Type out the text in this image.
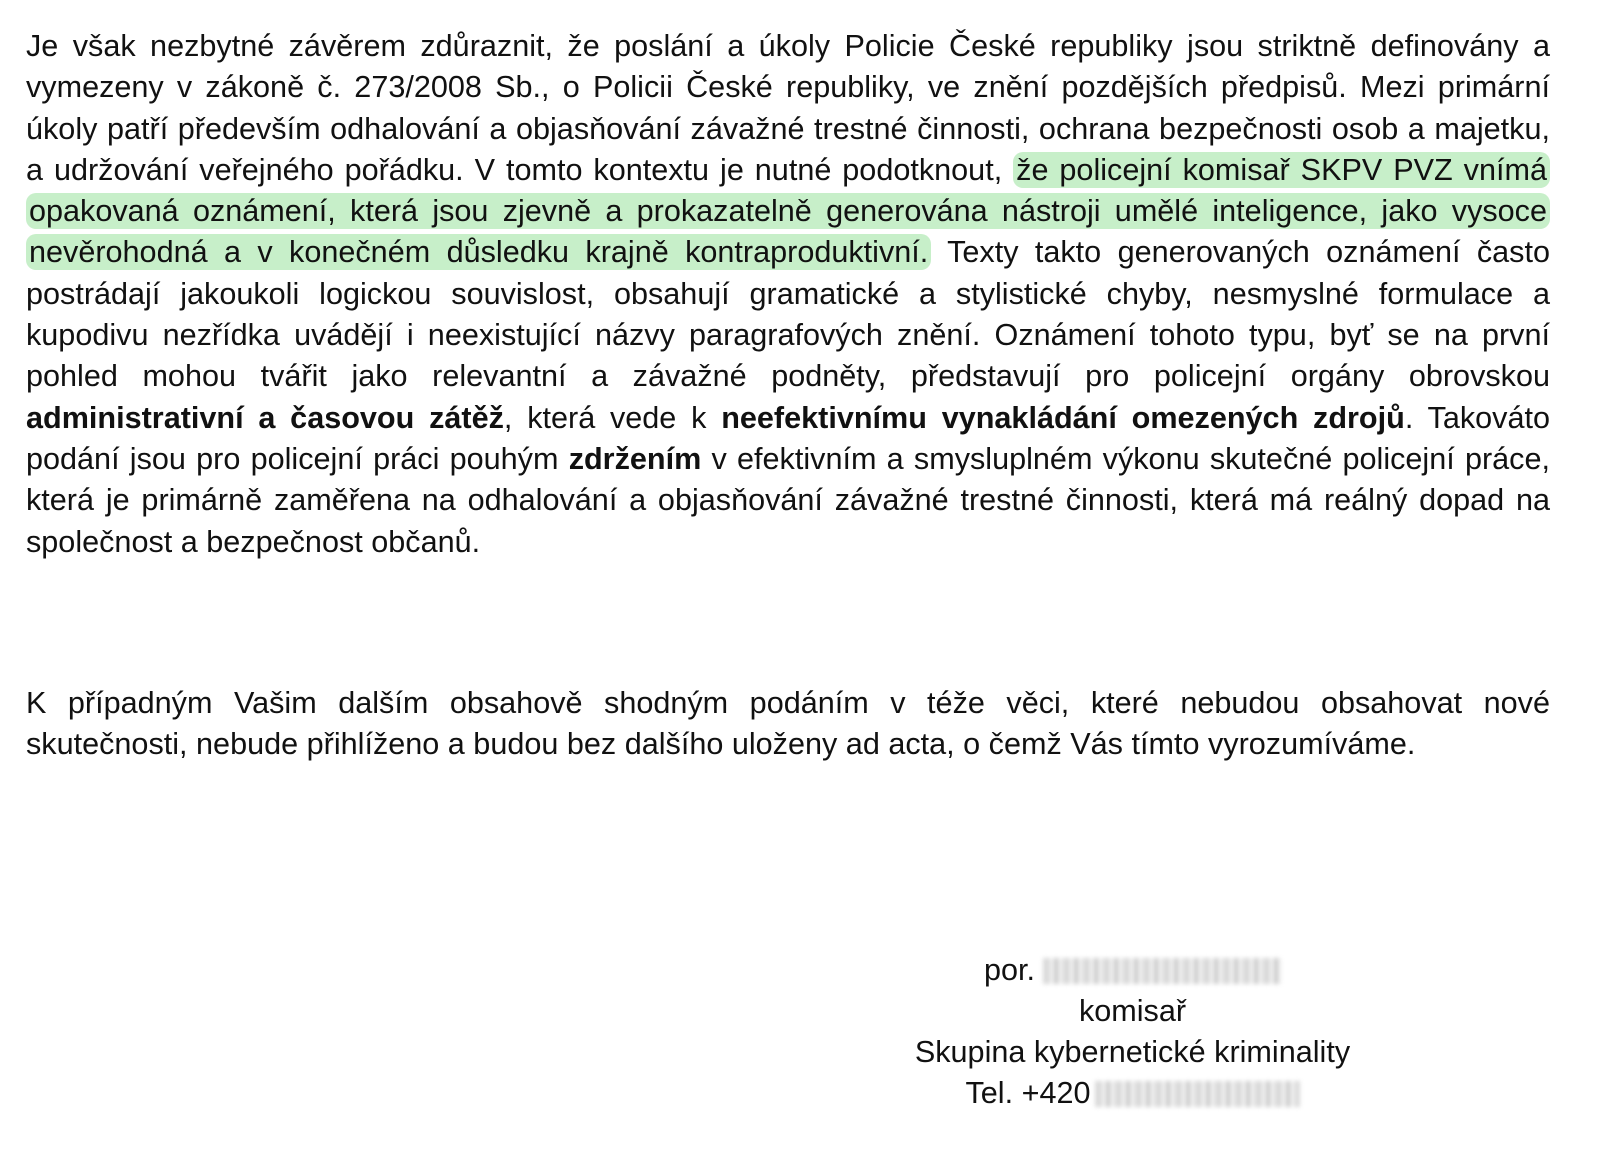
Je však nezbytné závěrem zdůraznit, že poslání a úkoly Policie České republiky jsou striktně definovány a vymezeny v zákoně č. 273/2008 Sb., o Policii České republiky, ve znění pozdějších předpisů. Mezi primární úkoly patří především odhalování a objasňování závažné trestné činnosti, ochrana bezpečnosti osob a majetku, a udržování veřejného pořádku. V tomto kontextu je nutné podotknout, že policejní komisař SKPV PVZ vnímá opakovaná oznámení, která jsou zjevně a prokazatelně generována nástroji umělé inteligence, jako vysoce nevěrohodná a v konečném důsledku krajně kontraproduktivní. Texty takto generovaných oznámení často postrádají jakoukoli logickou souvislost, obsahují gramatické a stylistické chyby, nesmyslné formulace a kupodivu nezřídka uvádějí i neexistující názvy paragrafových znění. Oznámení tohoto typu, byť se na první pohled mohou tvářit jako relevantní a závažné podněty, představují pro policejní orgány obrovskou administrativní a časovou zátěž, která vede k neefektivnímu vynakládání omezených zdrojů. Takováto podání jsou pro policejní práci pouhým zdržením v efektivním a smysluplném výkonu skutečné policejní práce, která je primárně zaměřena na odhalování a objasňování závažné trestné činnosti, která má reálný dopad na společnost a bezpečnost občanů.

K případným Vašim dalším obsahově shodným podáním v téže věci, které nebudou obsahovat nové skutečnosti, nebude přihlíženo a budou bez dalšího uloženy ad acta, o čemž Vás tímto vyrozumíváme.

por.
komisař
Skupina kybernetické kriminality
Tel. +420
